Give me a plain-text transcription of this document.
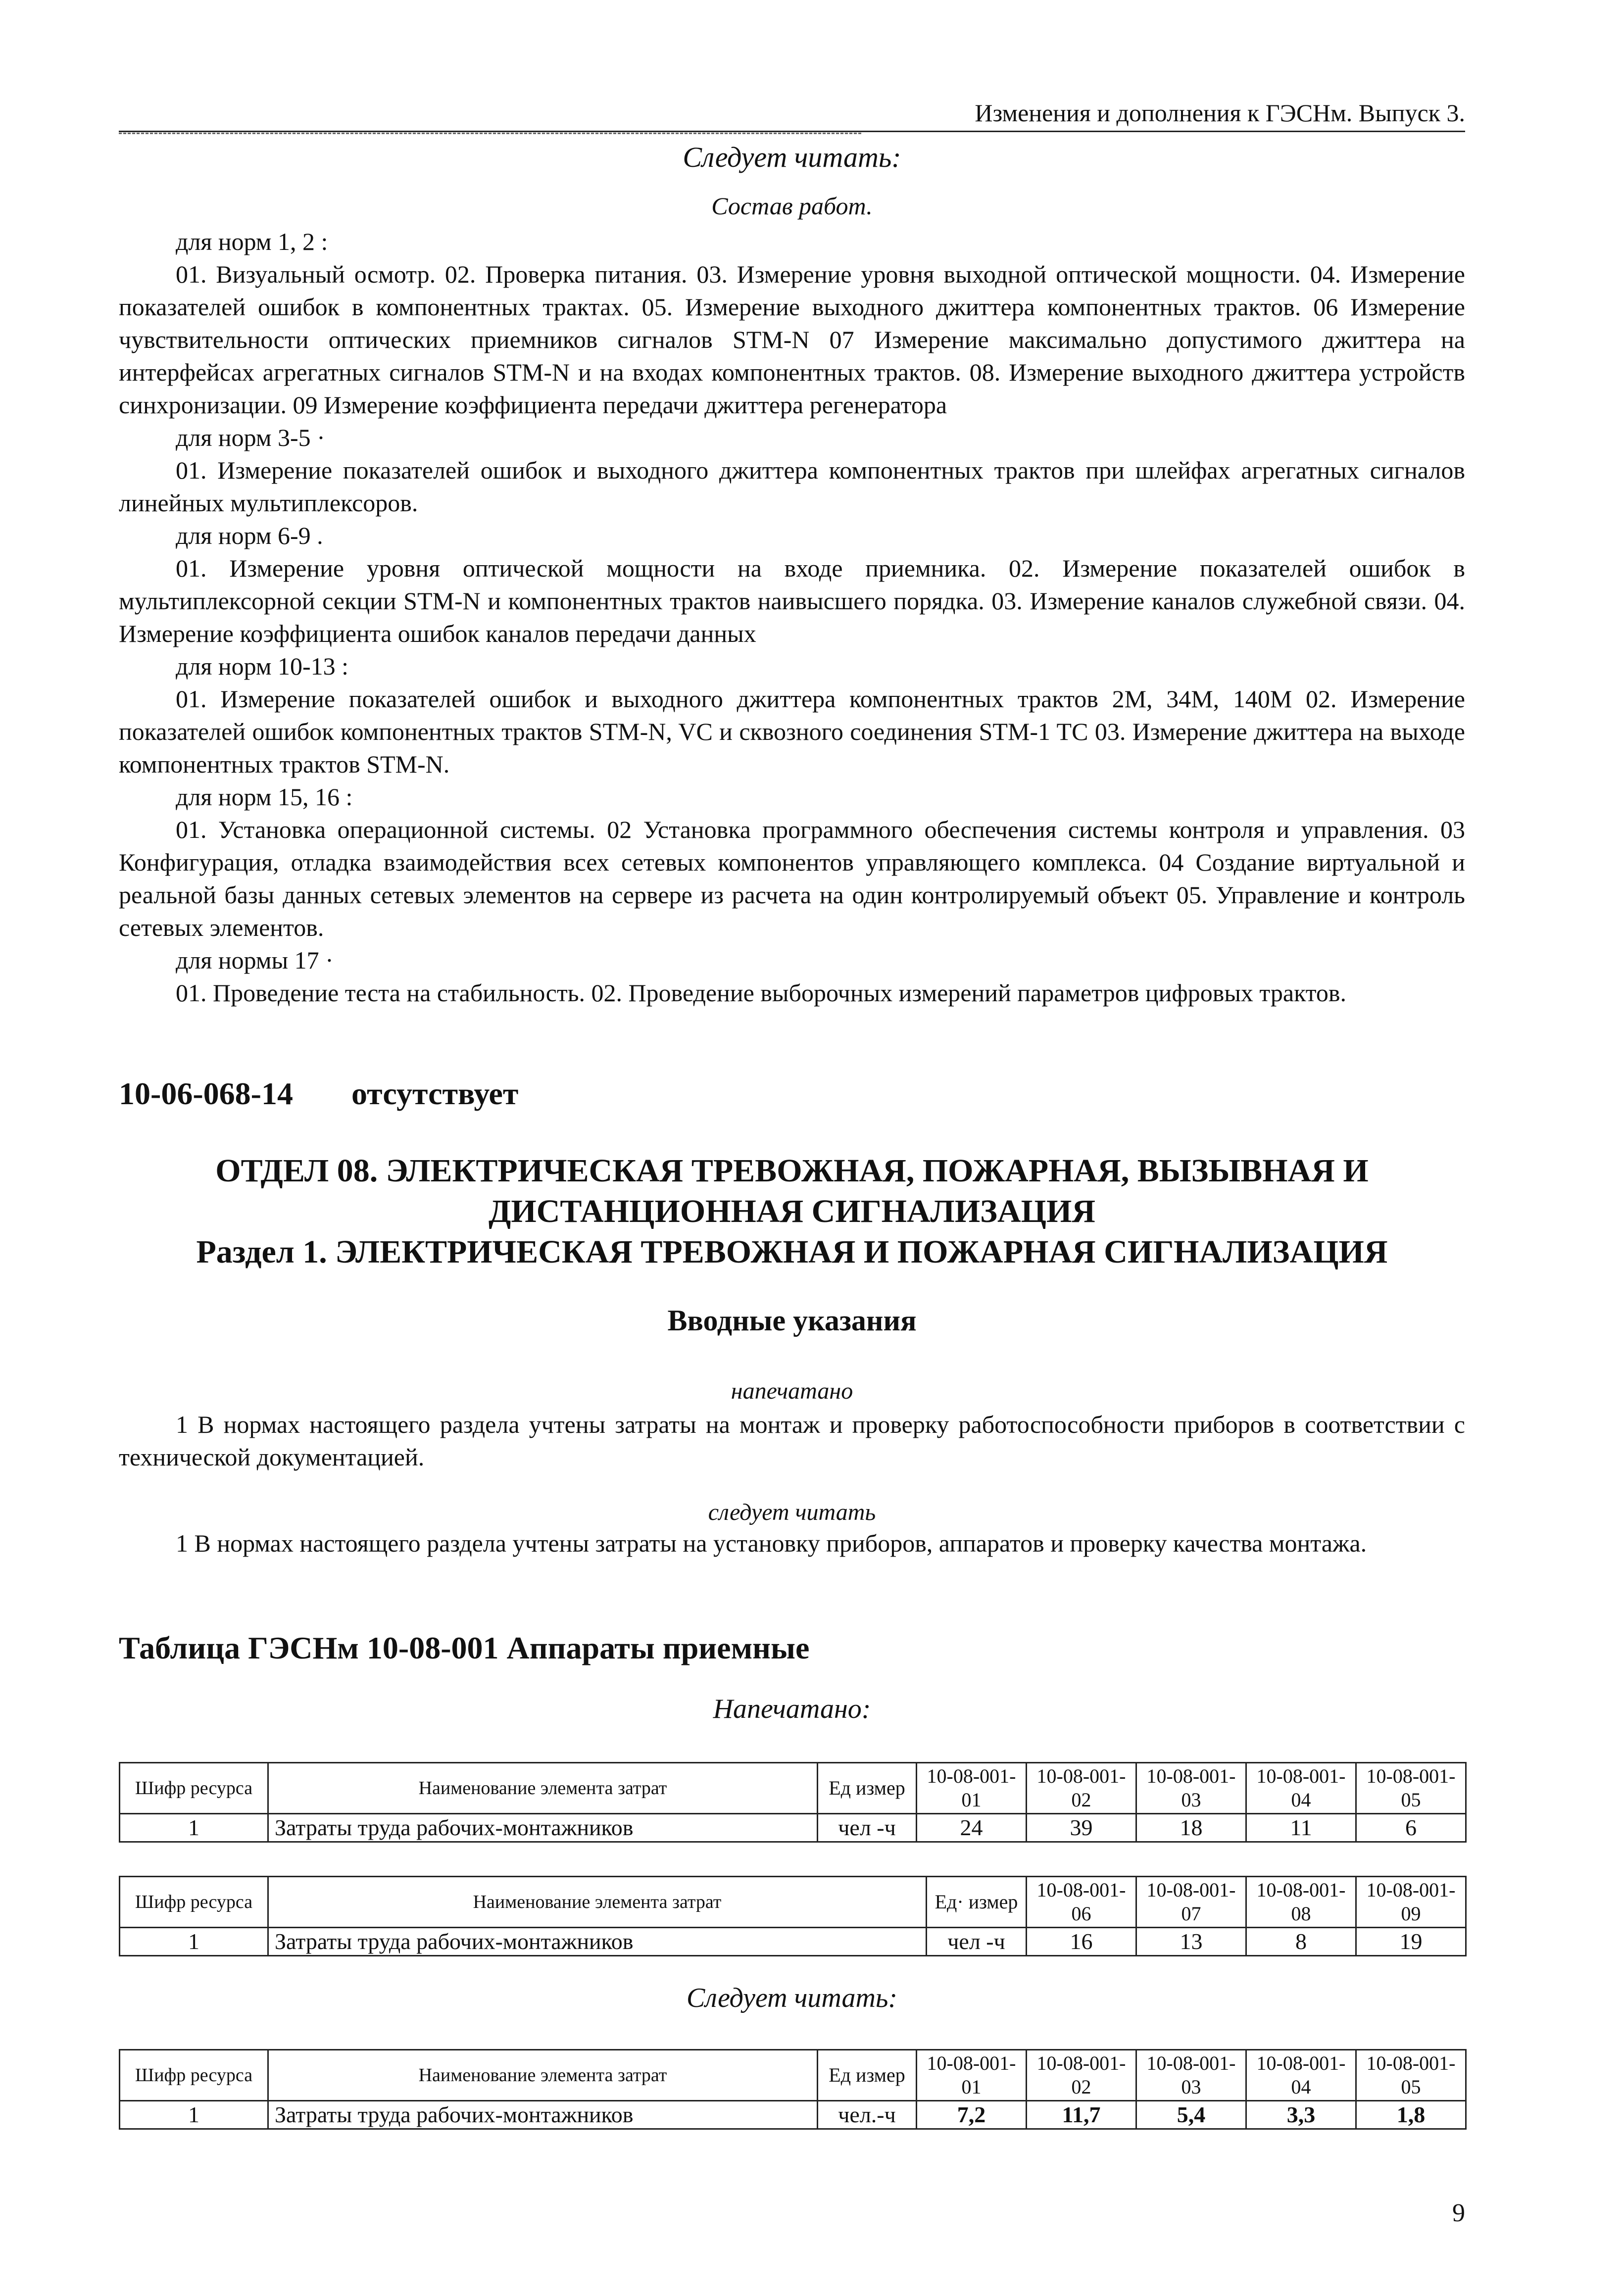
Изменения и дополнения к ГЭСНм. Выпуск 3.
Следует читать:
Состав работ.

для норм 1, 2 :

01. Визуальный осмотр. 02. Проверка питания. 03. Измерение уровня выходной оптической мощности. 04. Измерение показателей ошибок в компонентных трактах. 05. Измерение выходного джиттера компонентных трактов. 06 Измерение чувствительности оптических приемников сигналов STM-N 07 Измерение максимально допустимого джиттера на интерфейсах агрегатных сигналов STM-N и на входах компонентных трактов. 08. Измерение выходного джиттера устройств синхронизации. 09 Измерение коэффициента передачи джиттера регенератора

для норм 3-5 ·

01. Измерение показателей ошибок и выходного джиттера компонентных трактов при шлейфах агрегатных сигналов линейных мультиплексоров.

для норм 6-9 .

01. Измерение уровня оптической мощности на входе приемника. 02. Измерение показателей ошибок в мультиплексорной секции STM-N и компонентных трактов наивысшего порядка. 03. Измерение каналов служебной связи. 04. Измерение коэффициента ошибок каналов передачи данных

для норм 10-13 :

01. Измерение показателей ошибок и выходного джиттера компонентных трактов 2M, 34M, 140M 02. Измерение показателей ошибок компонентных трактов STM-N, VC и сквозного соединения STM-1 TC 03. Измерение джиттера на выходе компонентных трактов STM-N.

для норм 15, 16 :

01. Установка операционной системы. 02 Установка программного обеспечения системы контроля и управления. 03 Конфигурация, отладка взаимодействия всех сетевых компонентов управляющего комплекса. 04 Создание виртуальной и реальной базы данных сетевых элементов на сервере из расчета на один контролируемый объект 05. Управление и контроль сетевых элементов.

для нормы 17 ·

01. Проведение теста на стабильность. 02. Проведение выборочных измерений параметров цифровых трактов.

10-06-068-14 отсутствует
ОТДЕЛ 08. ЭЛЕКТРИЧЕСКАЯ ТРЕВОЖНАЯ, ПОЖАРНАЯ, ВЫЗЫВНАЯ И
ДИСТАНЦИОННАЯ СИГНАЛИЗАЦИЯ
Раздел 1. ЭЛЕКТРИЧЕСКАЯ ТРЕВОЖНАЯ И ПОЖАРНАЯ СИГНАЛИЗАЦИЯ
Вводные указания
напечатано

1 В нормах настоящего раздела учтены затраты на монтаж и проверку работоспособности приборов в соответствии с технической документацией.

следует читать

1 В нормах настоящего раздела учтены затраты на установку приборов, аппаратов и проверку качества монтажа.

Таблица ГЭСНм 10-08-001 Аппараты приемные
Напечатано:
Шифр ресурса	Наименование элемента затрат	Ед измер	10-08-001-01	10-08-001-02	10-08-001-03	10-08-001-04	10-08-001-05
1	Затраты труда рабочих-монтажников	чел -ч	24	39	18	11	6
Шифр ресурса	Наименование элемента затрат	Ед· измер	10-08-001-06	10-08-001-07	10-08-001-08	10-08-001-09
1	Затраты труда рабочих-монтажников	чел -ч	16	13	8	19
Следует читать:
Шифр ресурса	Наименование элемента затрат	Ед измер	10-08-001-01	10-08-001-02	10-08-001-03	10-08-001-04	10-08-001-05
1	Затраты труда рабочих-монтажников	чел.-ч	7,2	11,7	5,4	3,3	1,8
9
